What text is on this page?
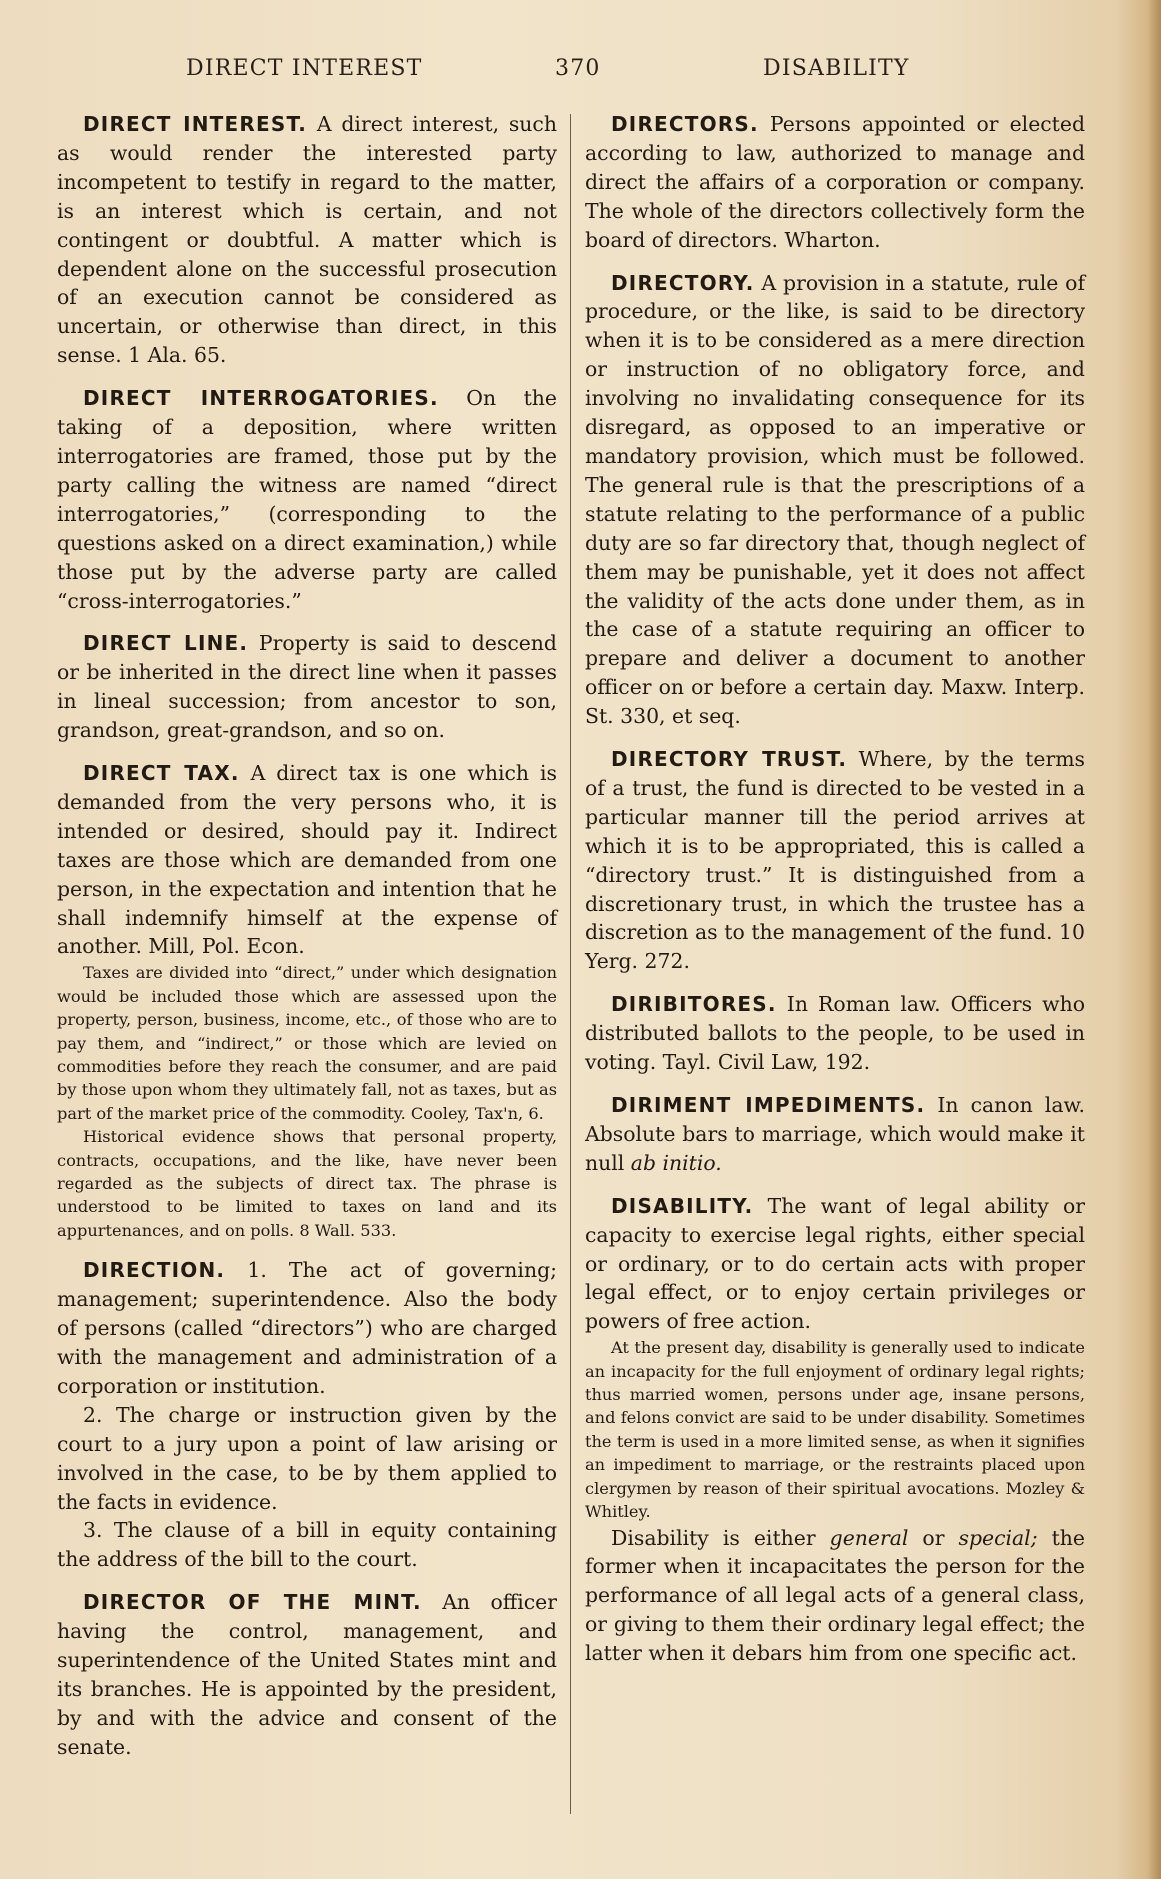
DIRECT INTEREST	370	DISABILITY

DIRECT INTEREST. A direct interest, such as would render the interested party incompetent to testify in regard to the matter, is an interest which is certain, and not contingent or doubtful. A matter which is dependent alone on the successful prosecution of an execution cannot be considered as uncertain, or otherwise than direct, in this sense. 1 Ala. 65.

DIRECT INTERROGATORIES. On the taking of a deposition, where written interrogatories are framed, those put by the party calling the witness are named “direct interrogatories,” (corresponding to the questions asked on a direct examination,) while those put by the adverse party are called “cross-interrogatories.”

DIRECT LINE. Property is said to descend or be inherited in the direct line when it passes in lineal succession; from ancestor to son, grandson, great-grandson, and so on.

DIRECT TAX. A direct tax is one which is demanded from the very persons who, it is intended or desired, should pay it. Indirect taxes are those which are demanded from one person, in the expectation and intention that he shall indemnify himself at the expense of another. Mill, Pol. Econ.

Taxes are divided into “direct,” under which designation would be included those which are assessed upon the property, person, business, income, etc., of those who are to pay them, and “indirect,” or those which are levied on commodities before they reach the consumer, and are paid by those upon whom they ultimately fall, not as taxes, but as part of the market price of the commodity. Cooley, Tax'n, 6.

Historical evidence shows that personal property, contracts, occupations, and the like, have never been regarded as the subjects of direct tax. The phrase is understood to be limited to taxes on land and its appurtenances, and on polls. 8 Wall. 533.

DIRECTION. 1. The act of governing; management; superintendence. Also the body of persons (called “directors”) who are charged with the management and administration of a corporation or institution.

2. The charge or instruction given by the court to a jury upon a point of law arising or involved in the case, to be by them applied to the facts in evidence.

3. The clause of a bill in equity containing the address of the bill to the court.

DIRECTOR OF THE MINT. An officer having the control, management, and superintendence of the United States mint and its branches. He is appointed by the president, by and with the advice and consent of the senate.

DIRECTORS. Persons appointed or elected according to law, authorized to manage and direct the affairs of a corporation or company. The whole of the directors collectively form the board of directors. Wharton.

DIRECTORY. A provision in a statute, rule of procedure, or the like, is said to be directory when it is to be considered as a mere direction or instruction of no obligatory force, and involving no invalidating consequence for its disregard, as opposed to an imperative or mandatory provision, which must be followed. The general rule is that the prescriptions of a statute relating to the performance of a public duty are so far directory that, though neglect of them may be punishable, yet it does not affect the validity of the acts done under them, as in the case of a statute requiring an officer to prepare and deliver a document to another officer on or before a certain day. Maxw. Interp. St. 330, et seq.

DIRECTORY TRUST. Where, by the terms of a trust, the fund is directed to be vested in a particular manner till the period arrives at which it is to be appropriated, this is called a “directory trust.” It is distinguished from a discretionary trust, in which the trustee has a discretion as to the management of the fund. 10 Yerg. 272.

DIRIBITORES. In Roman law. Officers who distributed ballots to the people, to be used in voting. Tayl. Civil Law, 192.

DIRIMENT IMPEDIMENTS. In canon law. Absolute bars to marriage, which would make it null ab initio.

DISABILITY. The want of legal ability or capacity to exercise legal rights, either special or ordinary, or to do certain acts with proper legal effect, or to enjoy certain privileges or powers of free action.

At the present day, disability is generally used to indicate an incapacity for the full enjoyment of ordinary legal rights; thus married women, persons under age, insane persons, and felons convict are said to be under disability. Sometimes the term is used in a more limited sense, as when it signifies an impediment to marriage, or the restraints placed upon clergymen by reason of their spiritual avocations. Mozley & Whitley.

Disability is either general or special; the former when it incapacitates the person for the performance of all legal acts of a general class, or giving to them their ordinary legal effect; the latter when it debars him from one specific act.
